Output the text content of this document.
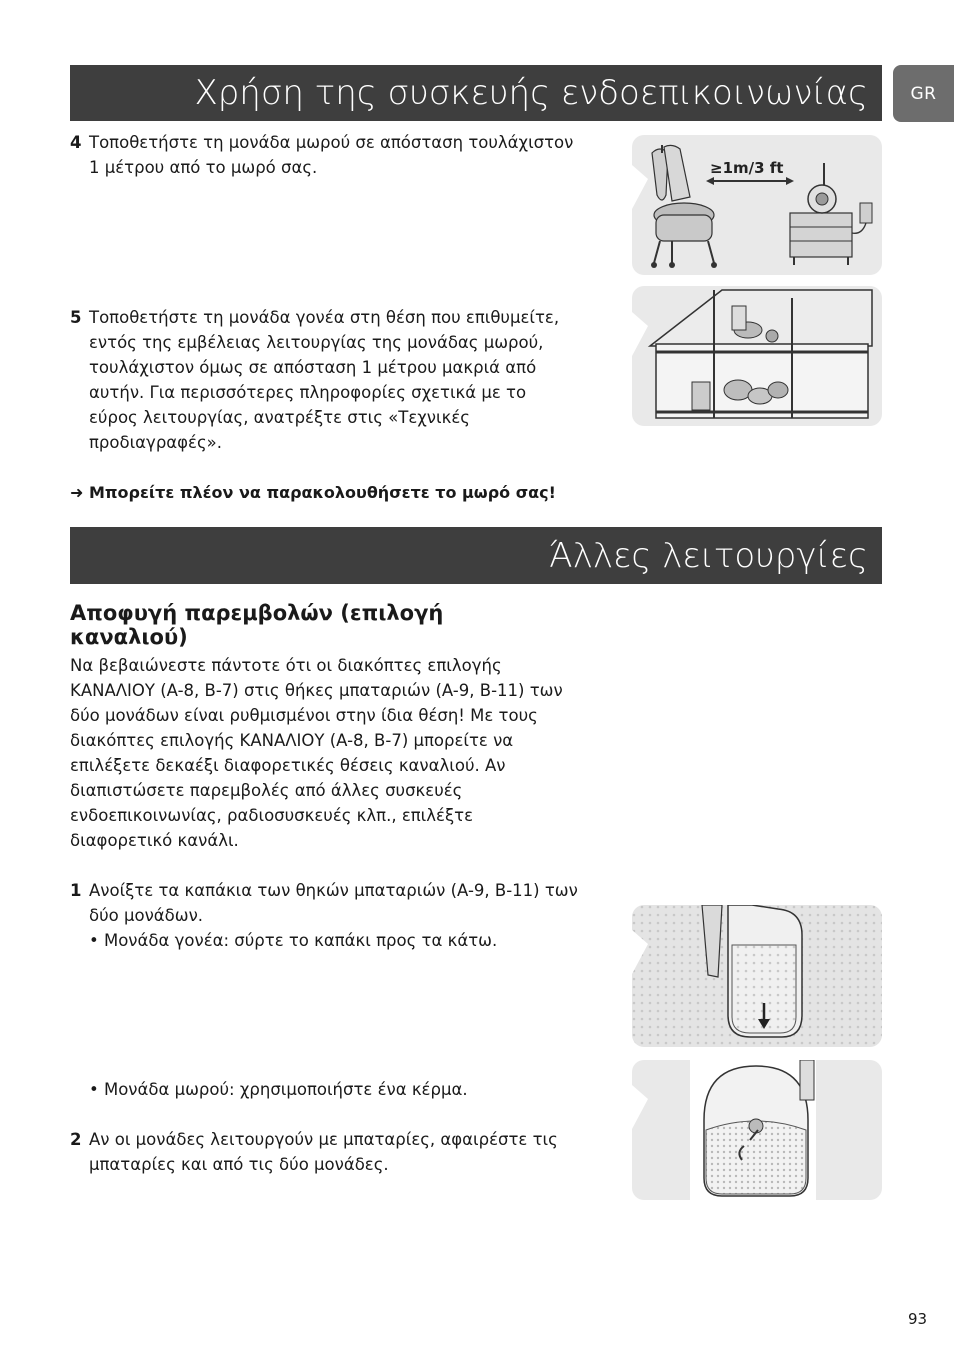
Χρήση της συσκευής ενδοεπικοινωνίας	GR
4 Τοποθετήστε τη μονάδα μωρού σε απόσταση τουλάχιστον
1 μέτρου από το μωρό σας.	≥1m/3 ft
5 Τοποθετήστε τη μονάδα γονέα στη θέση που επιθυμείτε,
εντός της εμβέλειας λειτουργίας της μονάδας μωρού,
τουλάχιστον όμως σε απόσταση 1 μέτρου μακριά από
αυτήν. Για περισσότερες πληροφορίες σχετικά με το
εύρος λειτουργίας, ανατρέξτε στις «Τεχνικές
προδιαγραφές».
➜ Μπορείτε πλέον να παρακολουθήσετε το μωρό σας!
Άλλες λειτουργίες
Αποφυγή παρεμβολών (επιλογή
καναλιού)
Να βεβαιώνεστε πάντοτε ότι οι διακόπτες επιλογής
ΚΑΝΑΛΙΟΥ (A-8, B-7) στις θήκες μπαταριών (A-9, B-11) των
δύο μονάδων είναι ρυθμισμένοι στην ίδια θέση! Με τους
διακόπτες επιλογής ΚΑΝΑΛΙΟΥ (A-8, B-7) μπορείτε να
επιλέξετε δεκαέξι διαφορετικές θέσεις καναλιού. Αν
διαπιστώσετε παρεμβολές από άλλες συσκευές
ενδοεπικοινωνίας, ραδιοσυσκευές κλπ., επιλέξτε
διαφορετικό κανάλι.
1 Ανοίξτε τα καπάκια των θηκών μπαταριών (A-9, B-11) των
δύο μονάδων.
• Μονάδα γονέα: σύρτε το καπάκι προς τα κάτω.
• Μονάδα μωρού: χρησιμοποιήστε ένα κέρμα.
2 Αν οι μονάδες λειτουργούν με μπαταρίες, αφαιρέστε τις
μπαταρίες και από τις δύο μονάδες.
93
